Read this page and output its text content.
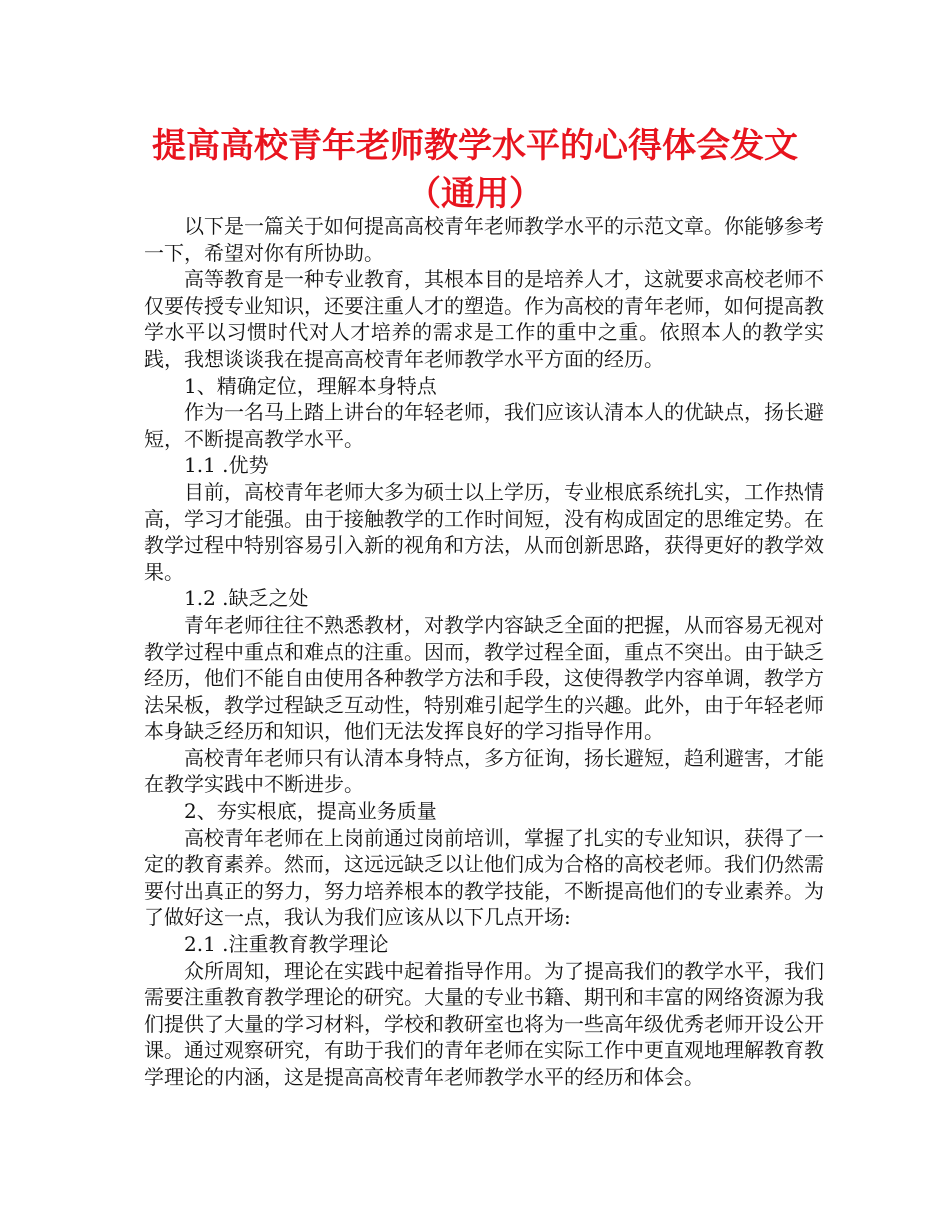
提高高校青年老师教学水平的心得体会发文（通用）

以下是一篇关于如何提高高校青年老师教学水平的示范文章。你能够参考一下，希望对你有所协助。

高等教育是一种专业教育，其根本目的是培养人才，这就要求高校老师不仅要传授专业知识，还要注重人才的塑造。作为高校的青年老师，如何提高教学水平以习惯时代对人才培养的需求是工作的重中之重。依照本人的教学实践，我想谈谈我在提高高校青年老师教学水平方面的经历。

1、精确定位，理解本身特点

作为一名马上踏上讲台的年轻老师，我们应该认清本人的优缺点，扬长避短，不断提高教学水平。

1.1 .优势

目前，高校青年老师大多为硕士以上学历，专业根底系统扎实，工作热情高，学习才能强。由于接触教学的工作时间短，没有构成固定的思维定势。在教学过程中特别容易引入新的视角和方法，从而创新思路，获得更好的教学效果。

1.2 .缺乏之处

青年老师往往不熟悉教材，对教学内容缺乏全面的把握，从而容易无视对教学过程中重点和难点的注重。因而，教学过程全面，重点不突出。由于缺乏经历，他们不能自由使用各种教学方法和手段，这使得教学内容单调，教学方法呆板，教学过程缺乏互动性，特别难引起学生的兴趣。此外，由于年轻老师本身缺乏经历和知识，他们无法发挥良好的学习指导作用。

高校青年老师只有认清本身特点，多方征询，扬长避短，趋利避害，才能在教学实践中不断进步。

2、夯实根底，提高业务质量

高校青年老师在上岗前通过岗前培训，掌握了扎实的专业知识，获得了一定的教育素养。然而，这远远缺乏以让他们成为合格的高校老师。我们仍然需要付出真正的努力，努力培养根本的教学技能，不断提高他们的专业素养。为了做好这一点，我认为我们应该从以下几点开场:

2.1 .注重教育教学理论

众所周知，理论在实践中起着指导作用。为了提高我们的教学水平，我们需要注重教育教学理论的研究。大量的专业书籍、期刊和丰富的网络资源为我们提供了大量的学习材料，学校和教研室也将为一些高年级优秀老师开设公开课。通过观察研究，有助于我们的青年老师在实际工作中更直观地理解教育教学理论的内涵，这是提高高校青年老师教学水平的经历和体会。
